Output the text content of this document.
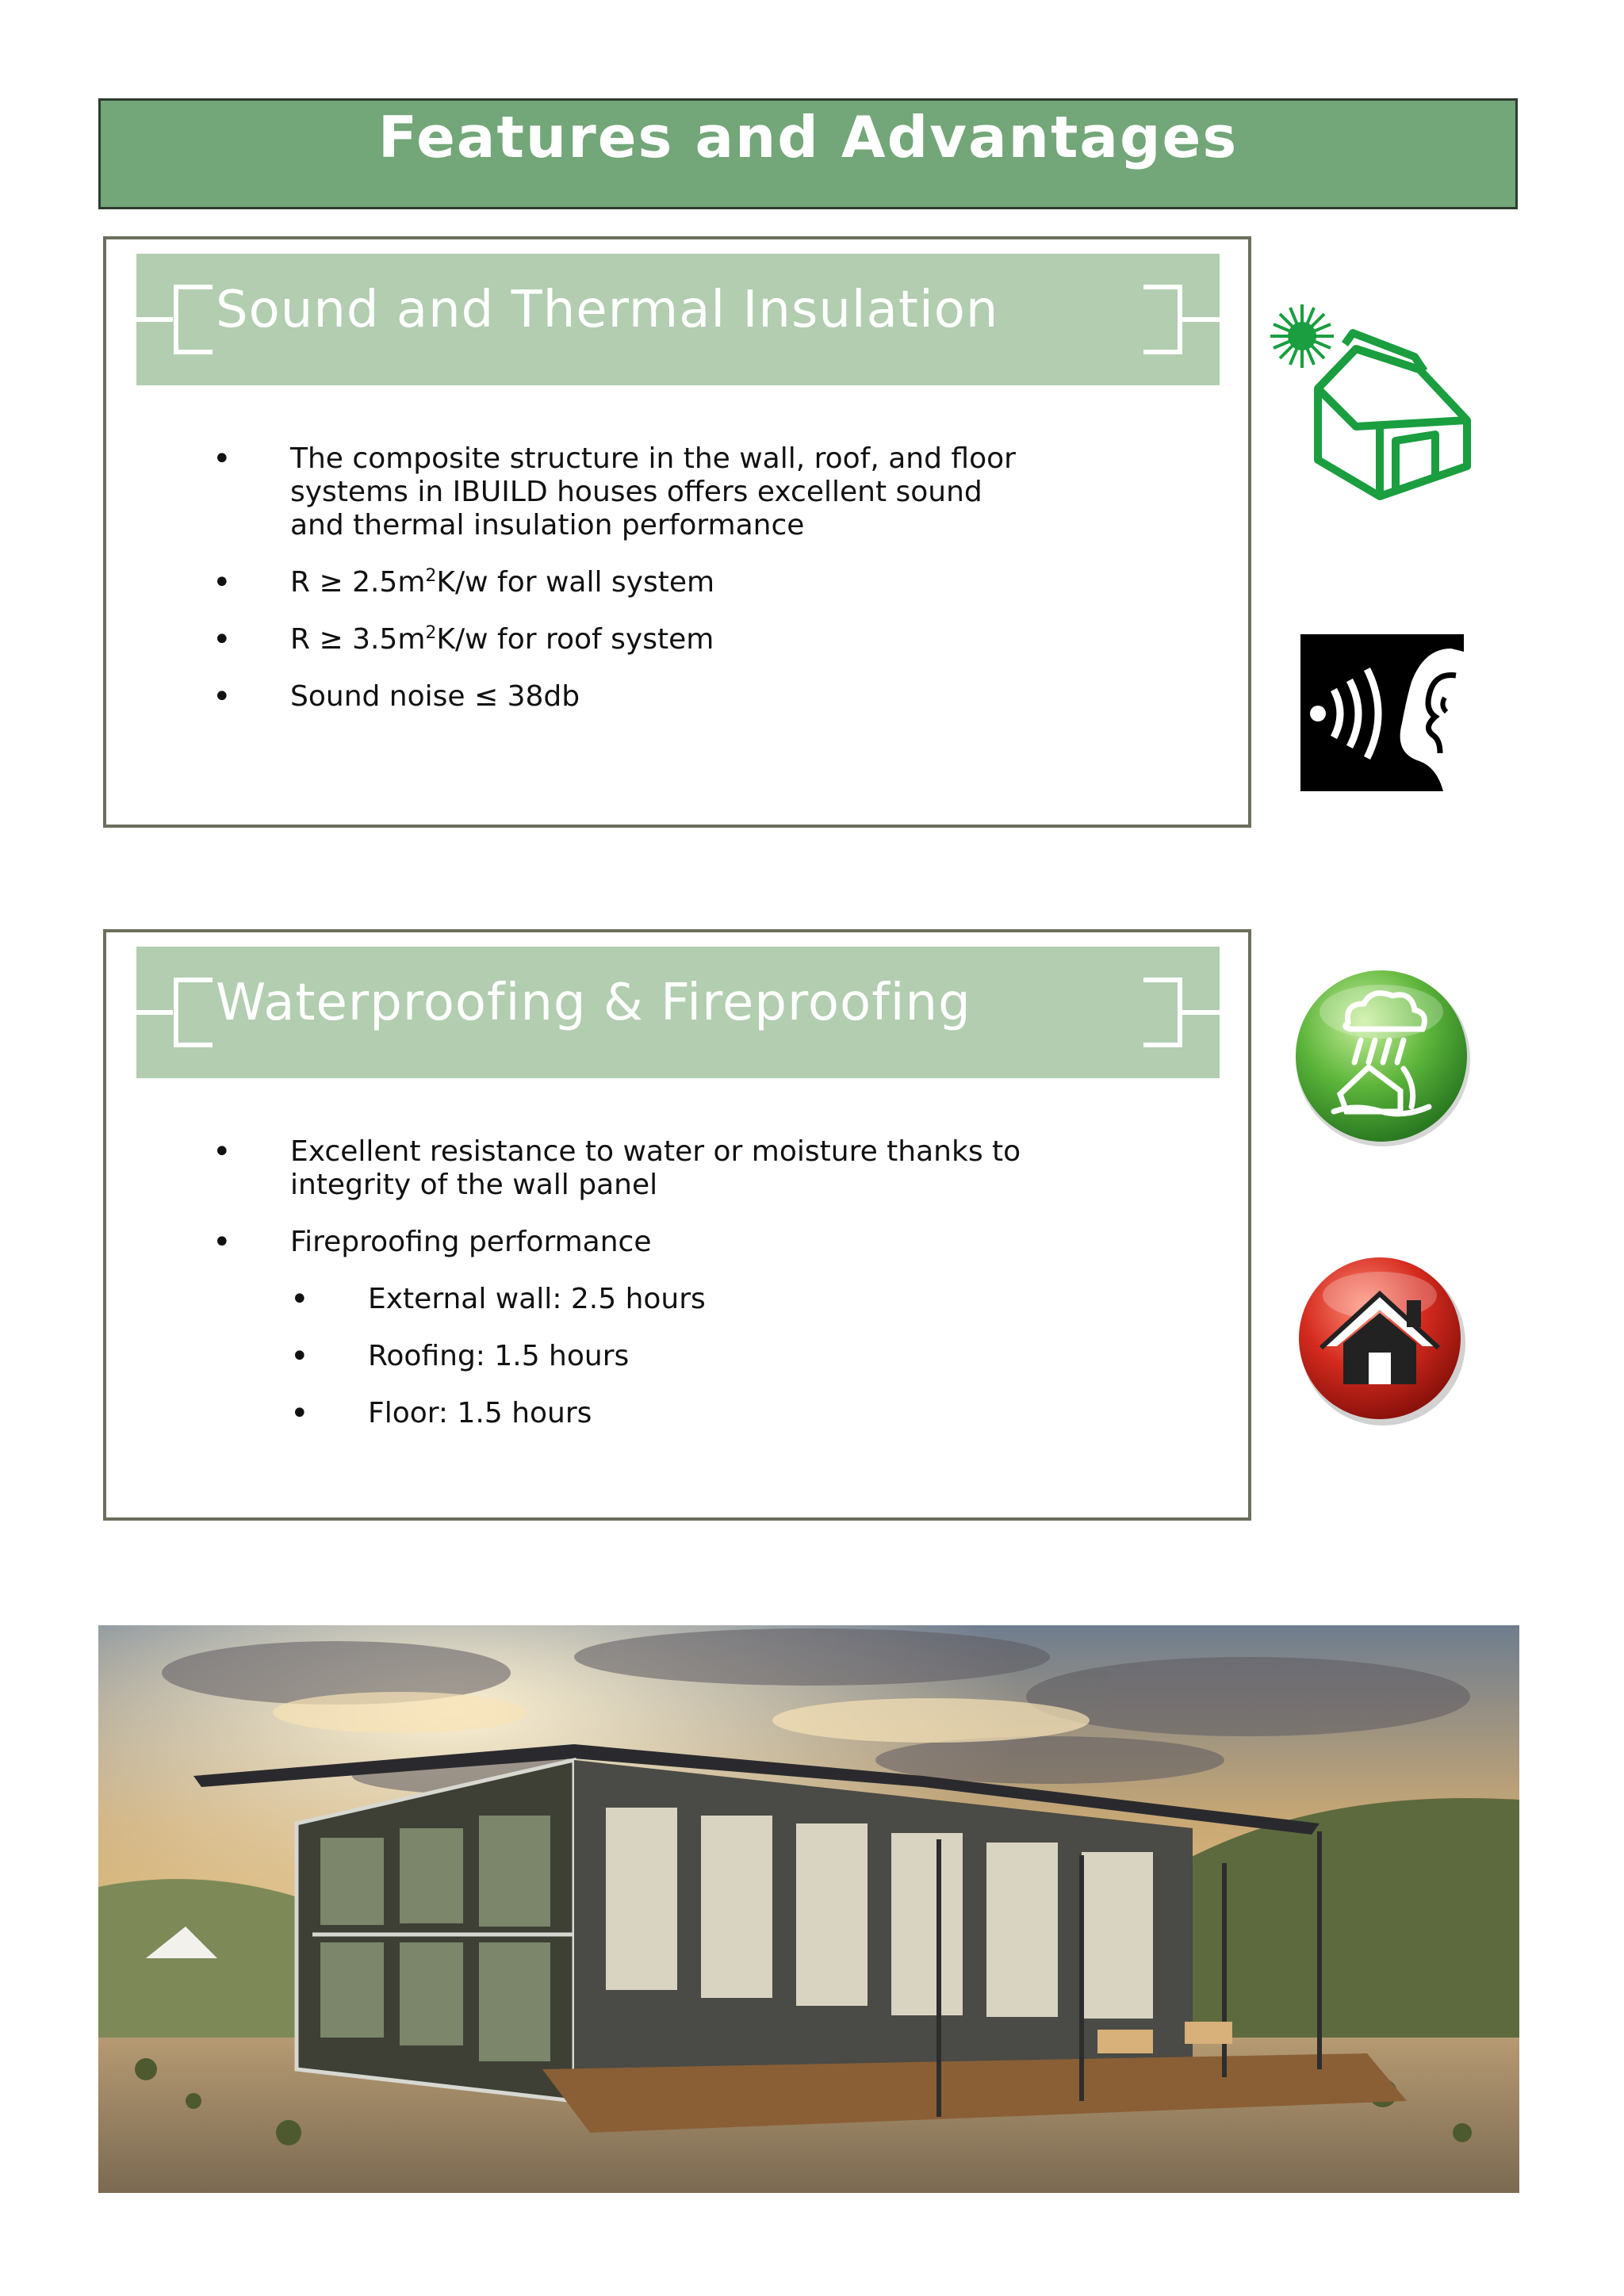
Features and Advantages
Sound and Thermal Insulation
• The composite structure in the wall, roof, and floor systems in IBUILD houses offers excellent sound and thermal insulation performance
• $R \ge 2.5m^2K/w$ for wall system
• $R \ge 3.5m^2K/w$ for roof system
• Sound noise ≤ 38db
Waterproofing & Fireproofing
• Excellent resistance to water or moisture thanks to integrity of the wall panel
• Fireproofing performance
• External wall: 2.5 hours
• Roofing: 1.5 hours
• Floor: 1.5 hours
